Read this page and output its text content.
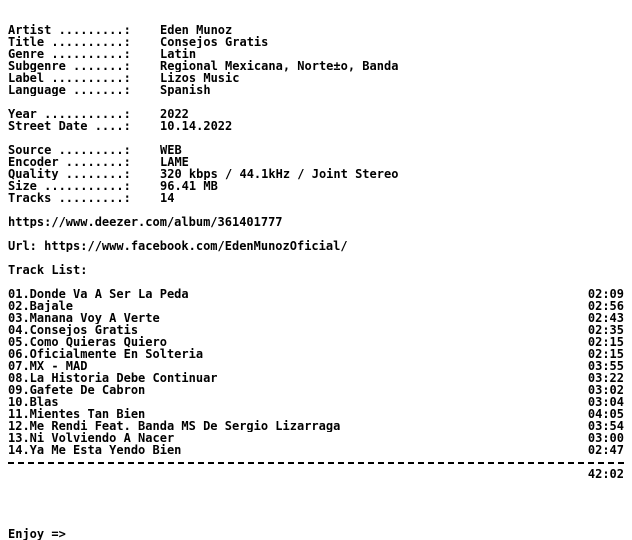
Artist .........:	Eden Munoz
Title ..........:	Consejos Gratis
Genre ..........:	Latin
Subgenre .......:	Regional Mexicana, Norte±o, Banda
Label ..........:	Lizos Music
Language .......:	Spanish
Year ...........:	2022
Street Date ....:	10.14.2022
Source .........:	WEB
Encoder ........:	LAME
Quality ........:	320 kbps / 44.1kHz / Joint Stereo
Size ...........:	96.41 MB
Tracks .........:	14
https://www.deezer.com/album/361401777
Url: https://www.facebook.com/EdenMunozOficial/
Track List:
01.Donde Va A Ser La Peda	02:09
02.Bajale	02:56
03.Manana Voy A Verte	02:43
04.Consejos Gratis	02:35
05.Como Quieras Quiero	02:15
06.Oficialmente En Solteria	02:15
07.MX - MAD	03:55
08.La Historia Debe Continuar	03:22
09.Gafete De Cabron	03:02
10.Blas	03:04
11.Mientes Tan Bien	04:05
12.Me Rendi Feat. Banda MS De Sergio Lizarraga	03:54
13.Ni Volviendo A Nacer	03:00
14.Ya Me Esta Yendo Bien	02:47
42:02
Enjoy =>
